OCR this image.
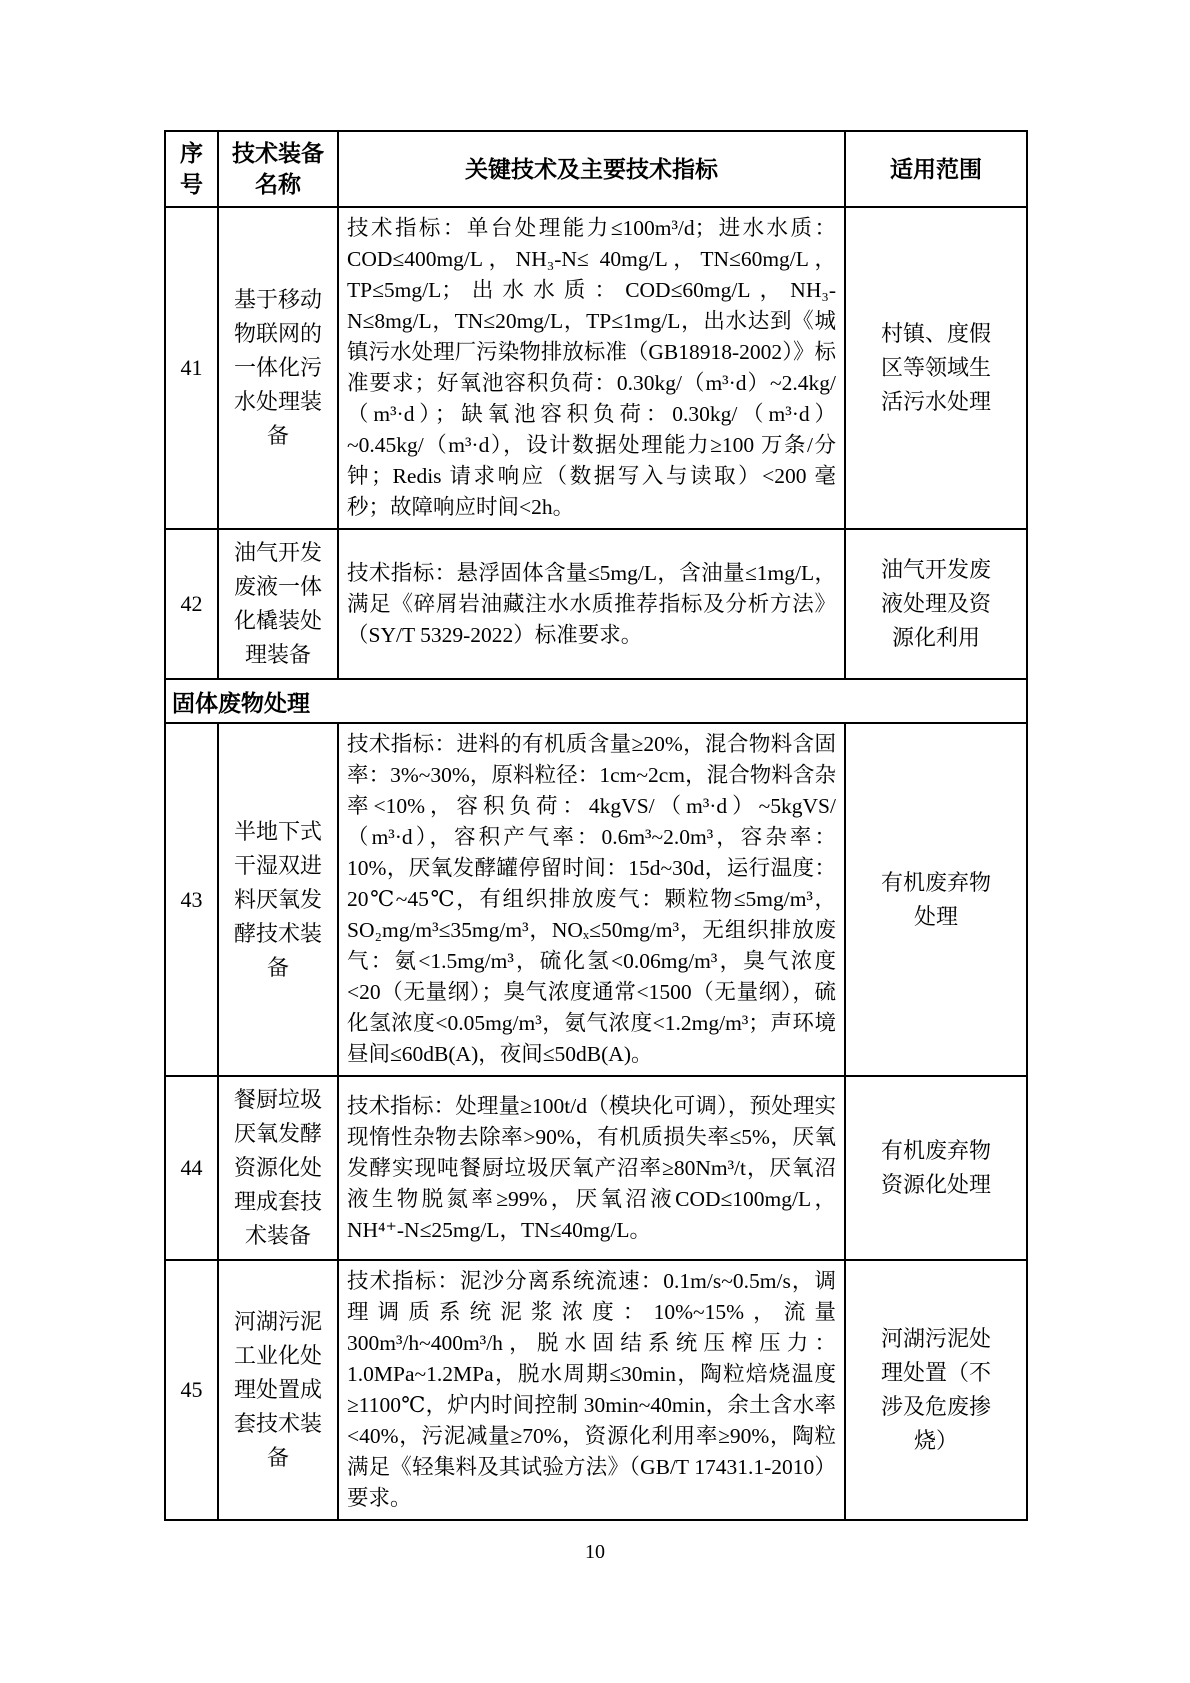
序号	技术装备名称	关键技术及主要技术指标	适用范围
41	基于移动物联网的一体化污水处理装备	技术指标：单台处理能力≤100m³/d；进水水质：COD≤400mg/L，NH₃-N≤ 40mg/L，TN≤60mg/L，TP≤5mg/L；出水水质：COD≤60mg/L，NH₃-N≤8mg/L，TN≤20mg/L，TP≤1mg/L，出水达到《城镇污水处理厂污染物排放标准（GB18918-2002）》标准要求；好氧池容积负荷：0.30kg/（m³·d）~2.4kg/（m³·d）；缺氧池容积负荷：0.30kg/（m³·d）~0.45kg/（m³·d），设计数据处理能力≥100 万条/分钟；Redis 请求响应（数据写入与读取）<200 毫秒；故障响应时间<2h。	村镇、度假区等领域生活污水处理
42	油气开发废液一体化橇装处理装备	技术指标：悬浮固体含量≤5mg/L，含油量≤1mg/L，满足《碎屑岩油藏注水水质推荐指标及分析方法》（SY/T 5329-2022）标准要求。	油气开发废液处理及资源化利用
固体废物处理			
43	半地下式干湿双进料厌氧发酵技术装备	技术指标：进料的有机质含量≥20%，混合物料含固率：3%~30%，原料粒径：1cm~2cm，混合物料含杂率<10%，容积负荷：4kgVS/（m³·d）~5kgVS/（m³·d），容积产气率：0.6m³~2.0m³，容杂率：10%，厌氧发酵罐停留时间：15d~30d，运行温度：20℃~45℃，有组织排放废气：颗粒物≤5mg/m³，SO₂mg/m³≤35mg/m³，NOₓ≤50mg/m³，无组织排放废气：氨<1.5mg/m³，硫化氢<0.06mg/m³，臭气浓度<20（无量纲）；臭气浓度通常<1500（无量纲），硫化氢浓度<0.05mg/m³，氨气浓度<1.2mg/m³；声环境昼间≤60dB(A)，夜间≤50dB(A)。	有机废弃物处理
44	餐厨垃圾厌氧发酵资源化处理成套技术装备	技术指标：处理量≥100t/d（模块化可调），预处理实现惰性杂物去除率>90%，有机质损失率≤5%，厌氧发酵实现吨餐厨垃圾厌氧产沼率≥80Nm³/t，厌氧沼液生物脱氮率≥99%，厌氧沼液COD≤100mg/L，NH⁴⁺-N≤25mg/L，TN≤40mg/L。	有机废弃物资源化处理
45	河湖污泥工业化处理处置成套技术装备	技术指标：泥沙分离系统流速：0.1m/s~0.5m/s，调理调质系统泥浆浓度：10%~15%，流量300m³/h~400m³/h，脱水固结系统压榨压力：1.0MPa~1.2MPa，脱水周期≤30min，陶粒焙烧温度≥1100℃，炉内时间控制 30min~40min，余土含水率<40%，污泥减量≥70%，资源化利用率≥90%，陶粒满足《轻集料及其试验方法》（GB/T 17431.1-2010）要求。	河湖污泥处理处置（不涉及危废掺烧）
10
